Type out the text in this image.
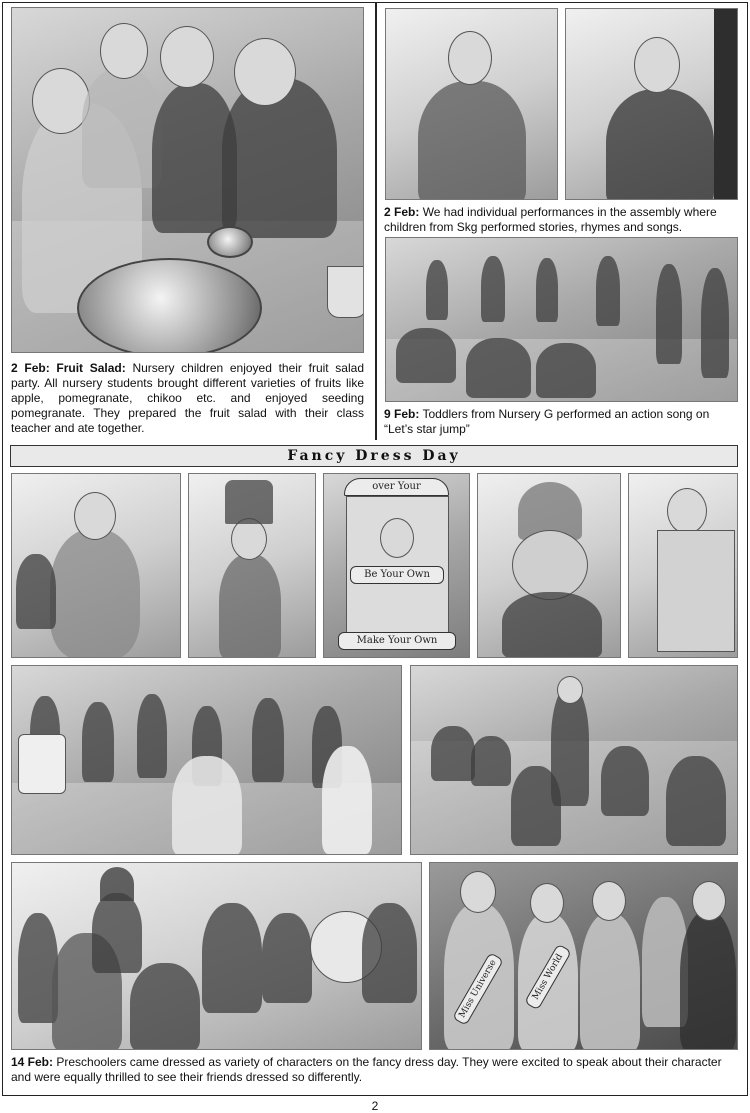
2 Feb: Fruit Salad: Nursery children enjoyed their fruit salad party. All nursery students brought different varieties of fruits like apple, pomegranate, chikoo etc. and enjoyed seeding pomegranate. They prepared the fruit salad with their class teacher and ate together.
2 Feb: We had individual performances in the assembly where children from Skg performed stories, rhymes and songs.
9 Feb: Toddlers from Nursery G performed an action song on “Let’s star jump”
Fancy Dress Day
over Your
Be Your Own
Make Your Own
Miss Universe	Miss World
14 Feb: Preschoolers came dressed as variety of characters on the fancy dress day. They were excited to speak about their character and were equally thrilled to see their friends dressed so differently.
2
